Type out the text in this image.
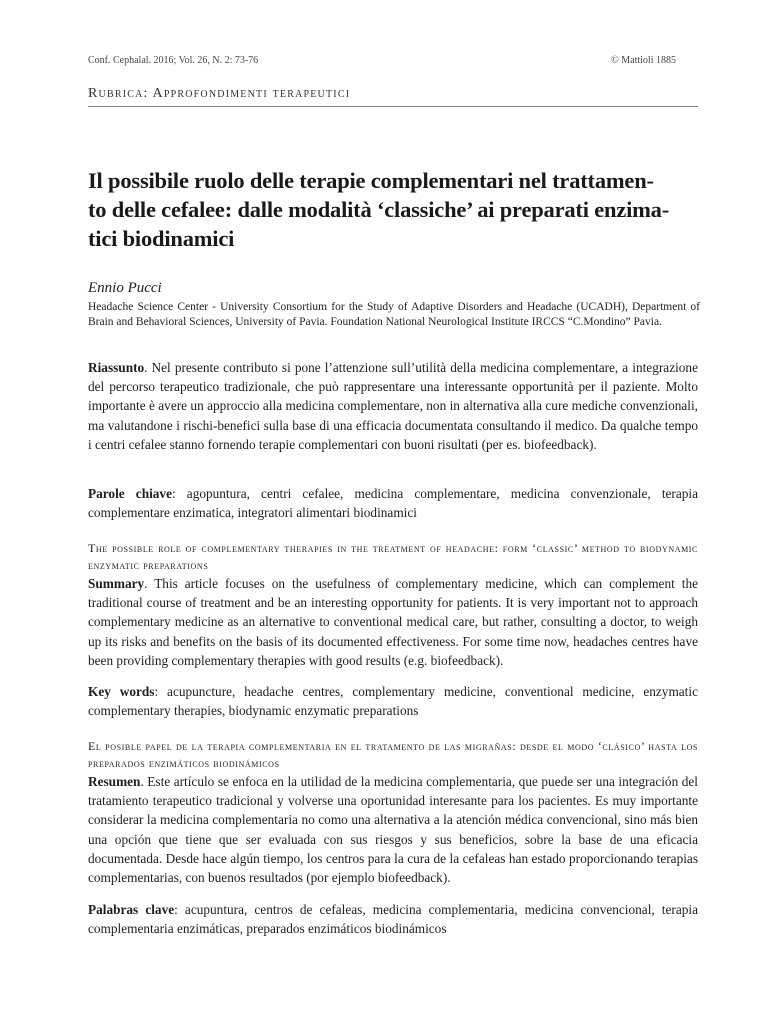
Conf. Cephalal. 2016; Vol. 26, N. 2: 73-76	© Mattioli 1885
Rubrica: Approfondimenti terapeutici
Il possibile ruolo delle terapie complementari nel trattamen-
to delle cefalee: dalle modalità ‘classiche’ ai preparati enzima-
tici biodinamici
Ennio Pucci
Headache Science Center - University Consortium for the Study of Adaptive Disorders and Headache (UCADH), Department of Brain and Behavioral Sciences, University of Pavia. Foundation National Neurological Institute IRCCS “C.Mondino” Pavia.
Riassunto. Nel presente contributo si pone l’attenzione sull’utilità della medicina complementare, a integrazione del percorso terapeutico tradizionale, che può rappresentare una interessante opportunità per il paziente. Molto importante è avere un approccio alla medicina complementare, non in alternativa alla cure mediche convenzionali, ma valutandone i rischi-benefici sulla base di una efficacia documentata consultando il medico. Da qualche tempo i centri cefalee stanno fornendo terapie complementari con buoni risultati (per es. biofeedback).
Parole chiave: agopuntura, centri cefalee, medicina complementare, medicina convenzionale, terapia complementare enzimatica, integratori alimentari biodinamici
The possible role of complementary therapies in the treatment of headache: form ‘classic’ method to biodynamic enzymatic preparations
Summary. This article focuses on the usefulness of complementary medicine, which can complement the traditional course of treatment and be an interesting opportunity for patients. It is very important not to approach complementary medicine as an alternative to conventional medical care, but rather, consulting a doctor, to weigh up its risks and benefits on the basis of its documented effectiveness. For some time now, headaches centres have been providing complementary therapies with good results (e.g. biofeedback).
Key words: acupuncture, headache centres, complementary medicine, conventional medicine, enzymatic complementary therapies, biodynamic enzymatic preparations
El posible papel de la terapia complementaria en el tratamento de las migrañas: desde el modo ‘clásico’ hasta los preparados enzimáticos biodinámicos
Resumen. Este artículo se enfoca en la utilidad de la medicina complementaria, que puede ser una integración del tratamiento terapeutico tradicional y volverse una oportunidad interesante para los pacientes. Es muy importante considerar la medicina complementaria no como una alternativa a la atención médica convencional, sino más bien una opción que tiene que ser evaluada con sus riesgos y sus beneficios, sobre la base de una eficacia documentada. Desde hace algún tiempo, los centros para la cura de la cefaleas han estado proporcionando terapias complementarias, con buenos resultados (por ejemplo biofeedback).
Palabras clave: acupuntura, centros de cefaleas, medicina complementaria, medicina convencional, terapia complementaria enzimáticas, preparados enzimáticos biodinámicos
